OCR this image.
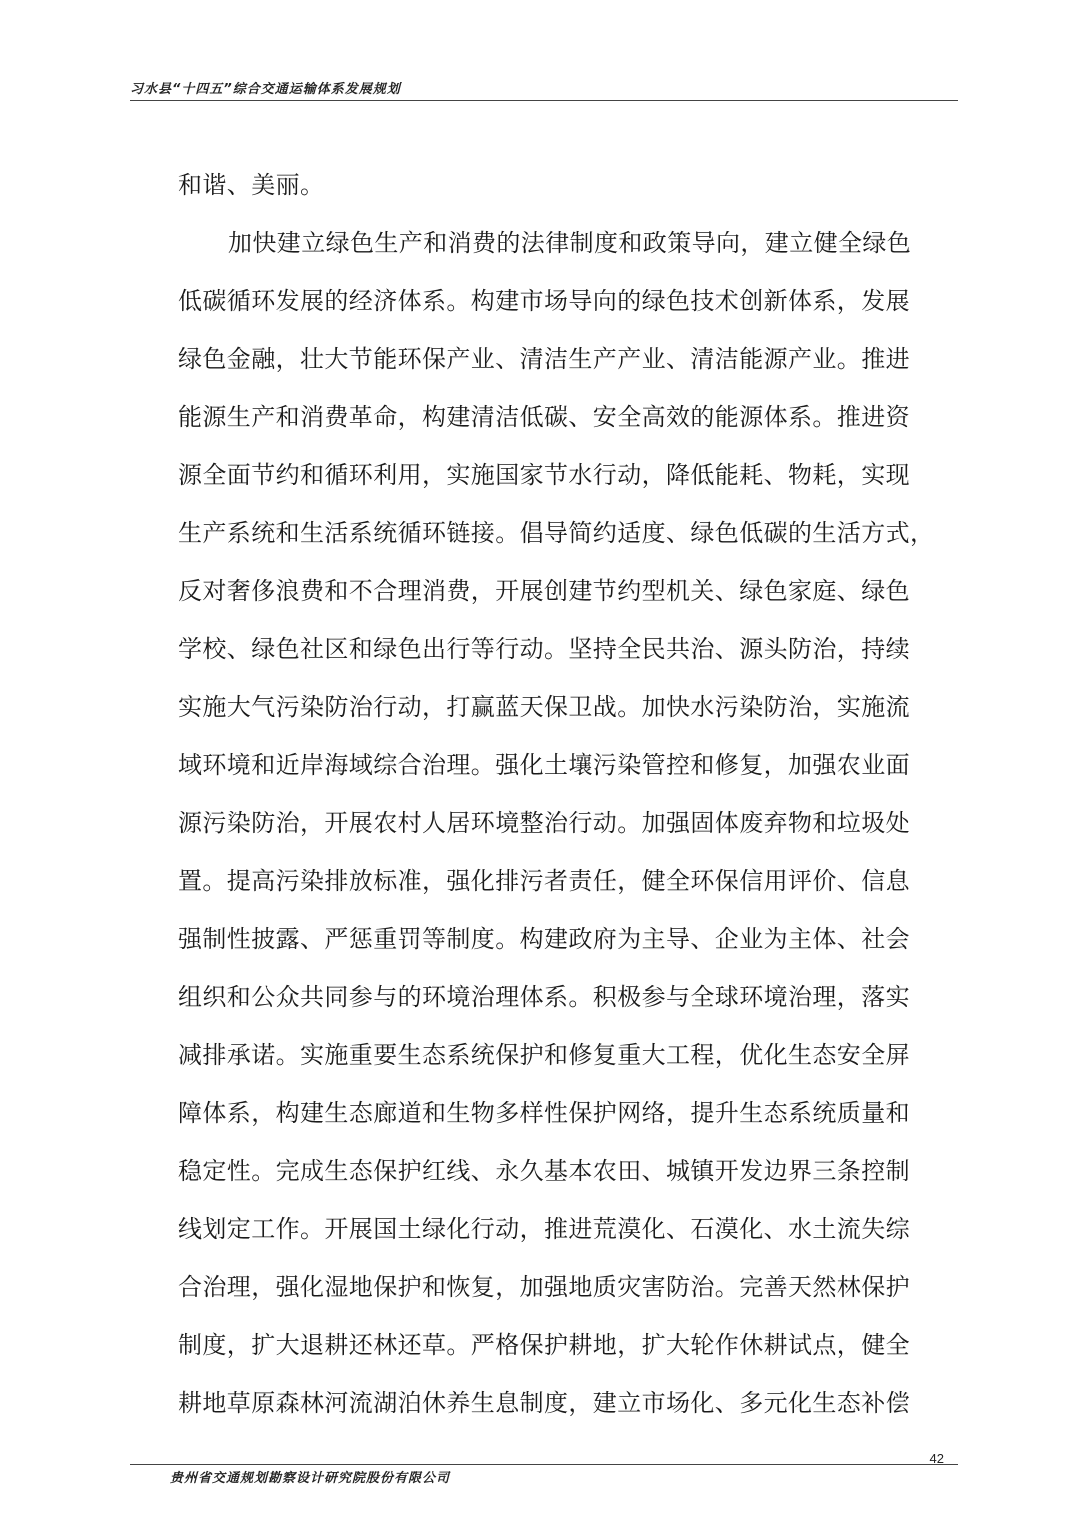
习水县“十四五”综合交通运输体系发展规划
和谐、美丽。
加快建立绿色生产和消费的法律制度和政策导向，建立健全绿色
低碳循环发展的经济体系。构建市场导向的绿色技术创新体系，发展
绿色金融，壮大节能环保产业、清洁生产产业、清洁能源产业。推进
能源生产和消费革命，构建清洁低碳、安全高效的能源体系。推进资
源全面节约和循环利用，实施国家节水行动，降低能耗、物耗，实现
生产系统和生活系统循环链接。倡导简约适度、绿色低碳的生活方式，
反对奢侈浪费和不合理消费，开展创建节约型机关、绿色家庭、绿色
学校、绿色社区和绿色出行等行动。坚持全民共治、源头防治，持续
实施大气污染防治行动，打赢蓝天保卫战。加快水污染防治，实施流
域环境和近岸海域综合治理。强化土壤污染管控和修复，加强农业面
源污染防治，开展农村人居环境整治行动。加强固体废弃物和垃圾处
置。提高污染排放标准，强化排污者责任，健全环保信用评价、信息
强制性披露、严惩重罚等制度。构建政府为主导、企业为主体、社会
组织和公众共同参与的环境治理体系。积极参与全球环境治理，落实
减排承诺。实施重要生态系统保护和修复重大工程，优化生态安全屏
障体系，构建生态廊道和生物多样性保护网络，提升生态系统质量和
稳定性。完成生态保护红线、永久基本农田、城镇开发边界三条控制
线划定工作。开展国土绿化行动，推进荒漠化、石漠化、水土流失综
合治理，强化湿地保护和恢复，加强地质灾害防治。完善天然林保护
制度，扩大退耕还林还草。严格保护耕地，扩大轮作休耕试点，健全
耕地草原森林河流湖泊休养生息制度，建立市场化、多元化生态补偿
贵州省交通规划勘察设计研究院股份有限公司
42
